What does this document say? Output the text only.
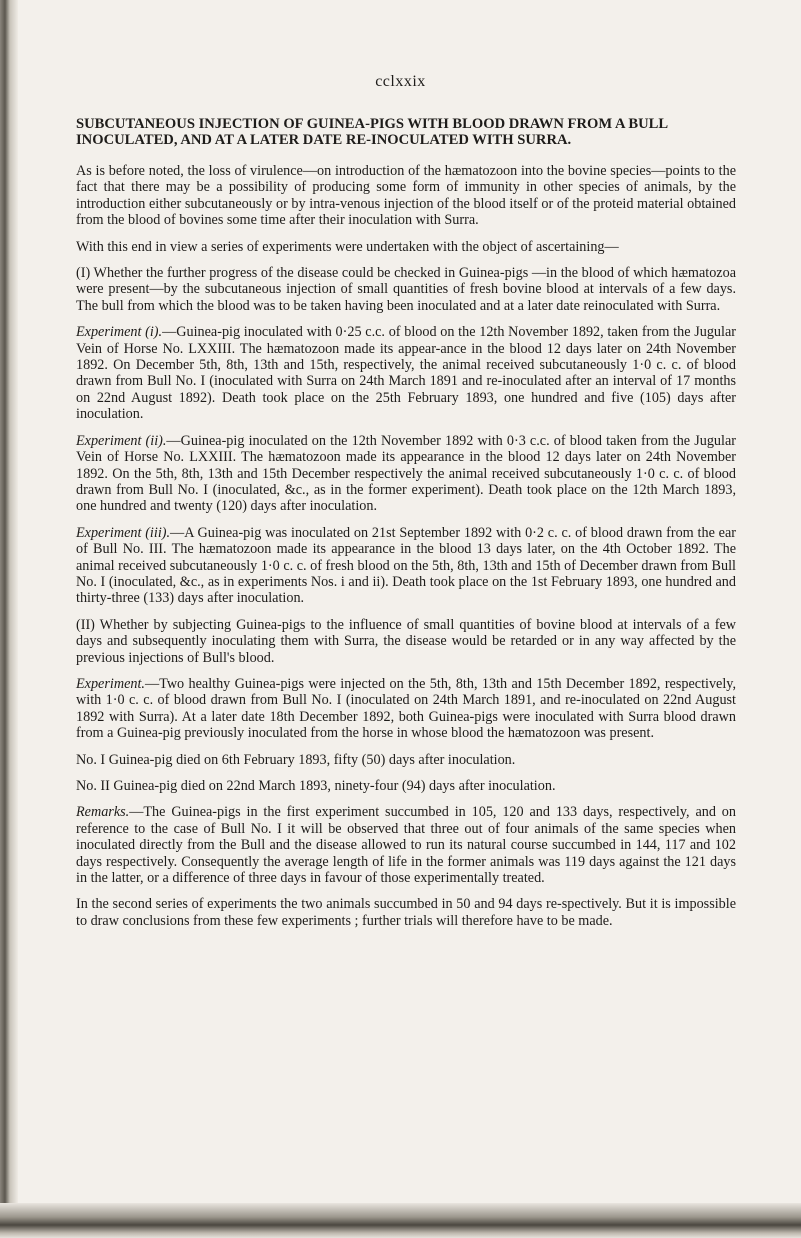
cclxxix
SUBCUTANEOUS INJECTION OF GUINEA-PIGS WITH BLOOD DRAWN FROM A BULL INOCULATED, AND AT A LATER DATE RE-INOCULATED WITH SURRA.

As is before noted, the loss of virulence—on introduction of the hæmatozoon into the bovine species—points to the fact that there may be a possibility of producing some form of immunity in other species of animals, by the introduction either subcutaneously or by intra-venous injection of the blood itself or of the proteid material obtained from the blood of bovines some time after their inoculation with Surra.

With this end in view a series of experiments were undertaken with the object of ascertaining—

(I) Whether the further progress of the disease could be checked in Guinea-pigs —in the blood of which hæmatozoa were present—by the subcutaneous injection of small quantities of fresh bovine blood at intervals of a few days. The bull from which the blood was to be taken having been inoculated and at a later date reinoculated with Surra.

Experiment (i).—Guinea-pig inoculated with 0·25 c.c. of blood on the 12th November 1892, taken from the Jugular Vein of Horse No. LXXIII. The hæmatozoon made its appear-ance in the blood 12 days later on 24th November 1892. On December 5th, 8th, 13th and 15th, respectively, the animal received subcutaneously 1·0 c. c. of blood drawn from Bull No. I (inoculated with Surra on 24th March 1891 and re-inoculated after an interval of 17 months on 22nd August 1892). Death took place on the 25th February 1893, one hundred and five (105) days after inoculation.

Experiment (ii).—Guinea-pig inoculated on the 12th November 1892 with 0·3 c.c. of blood taken from the Jugular Vein of Horse No. LXXIII. The hæmatozoon made its appearance in the blood 12 days later on 24th November 1892. On the 5th, 8th, 13th and 15th December respectively the animal received subcutaneously 1·0 c. c. of blood drawn from Bull No. I (inoculated, &c., as in the former experiment). Death took place on the 12th March 1893, one hundred and twenty (120) days after inoculation.

Experiment (iii).—A Guinea-pig was inoculated on 21st September 1892 with 0·2 c. c. of blood drawn from the ear of Bull No. III. The hæmatozoon made its appearance in the blood 13 days later, on the 4th October 1892. The animal received subcutaneously 1·0 c. c. of fresh blood on the 5th, 8th, 13th and 15th of December drawn from Bull No. I (inoculated, &c., as in experiments Nos. i and ii). Death took place on the 1st February 1893, one hundred and thirty-three (133) days after inoculation.

(II) Whether by subjecting Guinea-pigs to the influence of small quantities of bovine blood at intervals of a few days and subsequently inoculating them with Surra, the disease would be retarded or in any way affected by the previous injections of Bull's blood.

Experiment.—Two healthy Guinea-pigs were injected on the 5th, 8th, 13th and 15th December 1892, respectively, with 1·0 c. c. of blood drawn from Bull No. I (inoculated on 24th March 1891, and re-inoculated on 22nd August 1892 with Surra). At a later date 18th December 1892, both Guinea-pigs were inoculated with Surra blood drawn from a Guinea-pig previously inoculated from the horse in whose blood the hæmatozoon was present.

No. I Guinea-pig died on 6th February 1893, fifty (50) days after inoculation.

No. II Guinea-pig died on 22nd March 1893, ninety-four (94) days after inoculation.

Remarks.—The Guinea-pigs in the first experiment succumbed in 105, 120 and 133 days, respectively, and on reference to the case of Bull No. I it will be observed that three out of four animals of the same species when inoculated directly from the Bull and the disease allowed to run its natural course succumbed in 144, 117 and 102 days respectively. Consequently the average length of life in the former animals was 119 days against the 121 days in the latter, or a difference of three days in favour of those experimentally treated.

In the second series of experiments the two animals succumbed in 50 and 94 days re-spectively. But it is impossible to draw conclusions from these few experiments ; further trials will therefore have to be made.
